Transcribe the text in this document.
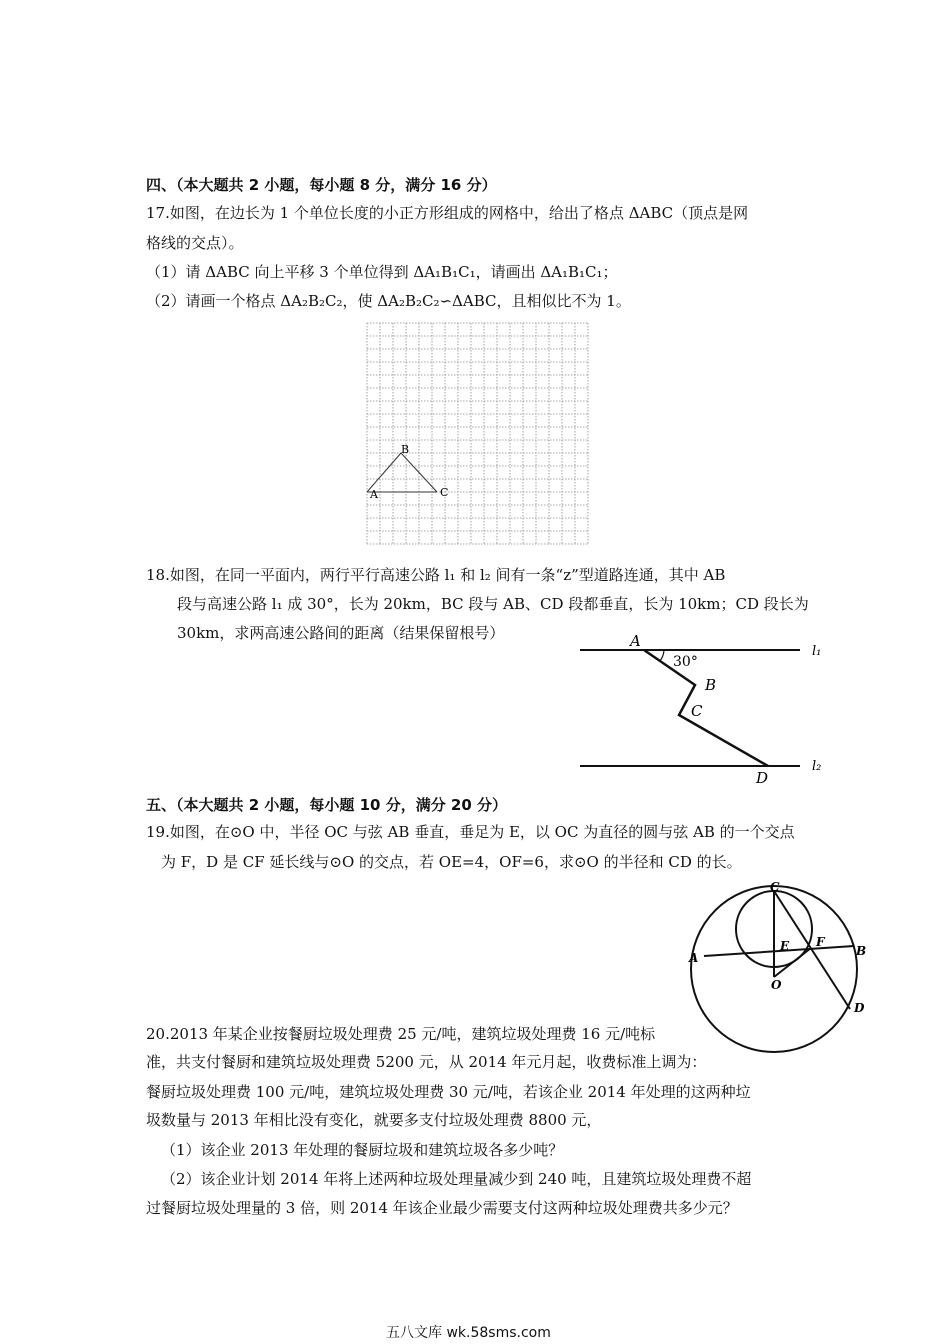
四、（本大题共 2 小题，每小题 8 分，满分 16 分）
17.如图，在边长为 1 个单位长度的小正方形组成的网格中，给出了格点 ΔABC（顶点是网
格线的交点）。
（1）请 ΔABC 向上平移 3 个单位得到 ΔA₁B₁C₁，请画出 ΔA₁B₁C₁；
（2）请画一个格点 ΔA₂B₂C₂，使 ΔA₂B₂C₂∽ΔABC，且相似比不为 1。
B
A	C
18.如图，在同一平面内，两行平行高速公路 l₁ 和 l₂ 间有一条“z”型道路连通，其中 AB
段与高速公路 l₁ 成 30°，长为 20km，BC 段与 AB、CD 段都垂直，长为 10km；CD 段长为
30km，求两高速公路间的距离（结果保留根号）	A
30°
B
C
D
l₁
l₂
五、（本大题共 2 小题，每小题 10 分，满分 20 分）
19.如图，在⊙O 中，半径 OC 与弦 AB 垂直，垂足为 E，以 OC 为直径的圆与弦 AB 的一个交点
为 F，D 是 CF 延长线与⊙O 的交点，若 OE=4，OF=6，求⊙O 的半径和 CD 的长。
C
E F
A	B
O
D
20.2013 年某企业按餐厨垃圾处理费 25 元/吨，建筑垃圾处理费 16 元/吨标
准，共支付餐厨和建筑垃圾处理费 5200 元，从 2014 年元月起，收费标准上调为：
餐厨垃圾处理费 100 元/吨，建筑垃圾处理费 30 元/吨，若该企业 2014 年处理的这两种垃
圾数量与 2013 年相比没有变化，就要多支付垃圾处理费 8800 元，
（1）该企业 2013 年处理的餐厨垃圾和建筑垃圾各多少吨？
（2）该企业计划 2014 年将上述两种垃圾处理量减少到 240 吨，且建筑垃圾处理费不超
过餐厨垃圾处理量的 3 倍，则 2014 年该企业最少需要支付这两种垃圾处理费共多少元？
五八文库 wk.58sms.com
